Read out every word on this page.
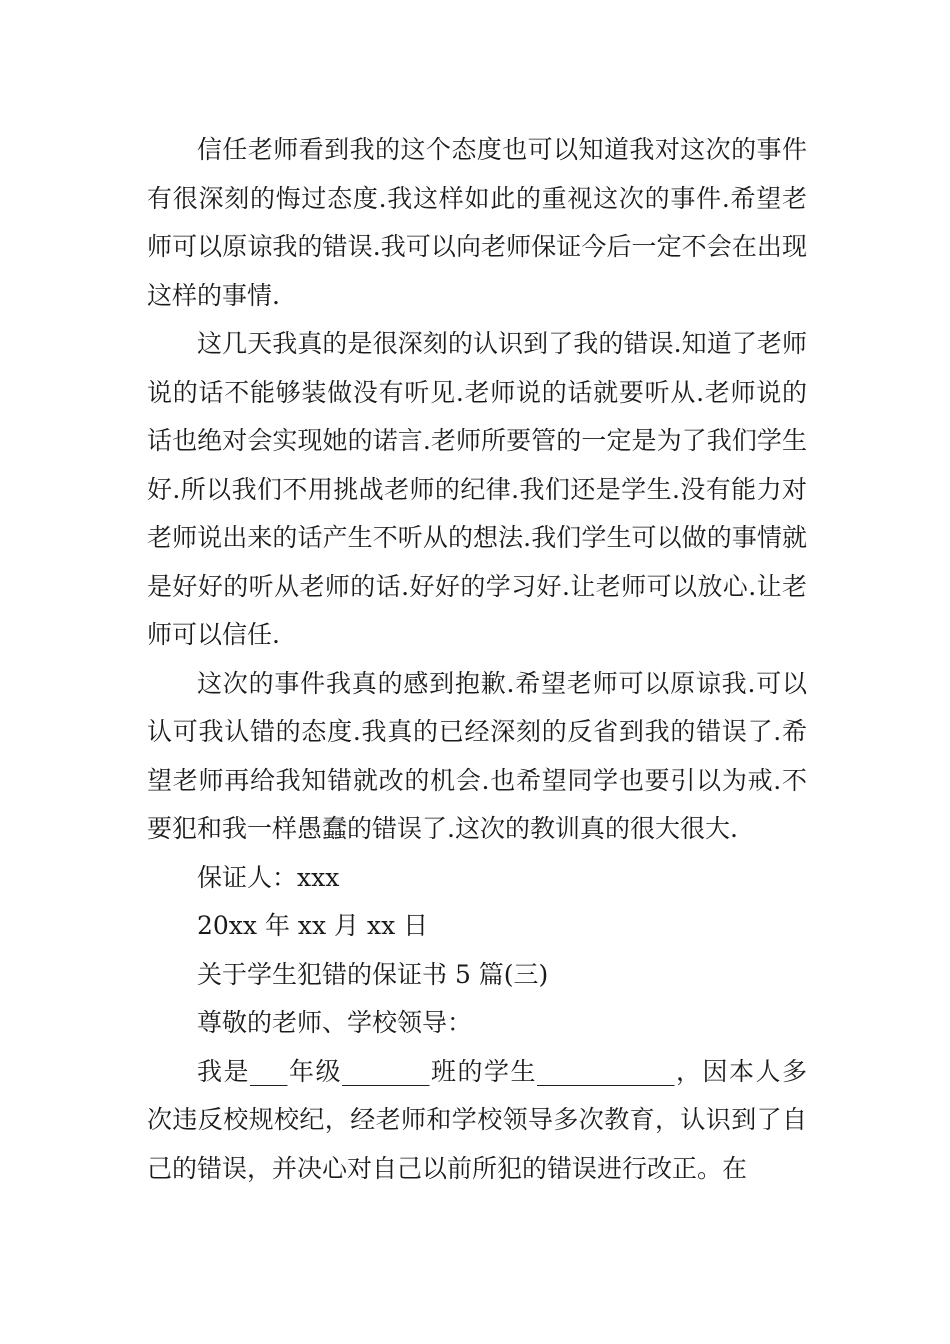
信任老师看到我的这个态度也可以知道我对这次的事件有很深刻的悔过态度.我这样如此的重视这次的事件.希望老师可以原谅我的错误.我可以向老师保证今后一定不会在出现这样的事情.

这几天我真的是很深刻的认识到了我的错误.知道了老师说的话不能够装做没有听见.老师说的话就要听从.老师说的话也绝对会实现她的诺言.老师所要管的一定是为了我们学生好.所以我们不用挑战老师的纪律.我们还是学生.没有能力对老师说出来的话产生不听从的想法.我们学生可以做的事情就是好好的听从老师的话.好好的学习好.让老师可以放心.让老师可以信任.

这次的事件我真的感到抱歉.希望老师可以原谅我.可以认可我认错的态度.我真的已经深刻的反省到我的错误了.希望老师再给我知错就改的机会.也希望同学也要引以为戒.不要犯和我一样愚蠢的错误了.这次的教训真的很大很大.

保证人：xxx

20xx 年 xx 月 xx 日

关于学生犯错的保证书 5 篇(三)

尊敬的老师、学校领导：

我是___年级_______班的学生___________，因本人多次违反校规校纪，经老师和学校领导多次教育，认识到了自己的错误，并决心对自己以前所犯的错误进行改正。在
